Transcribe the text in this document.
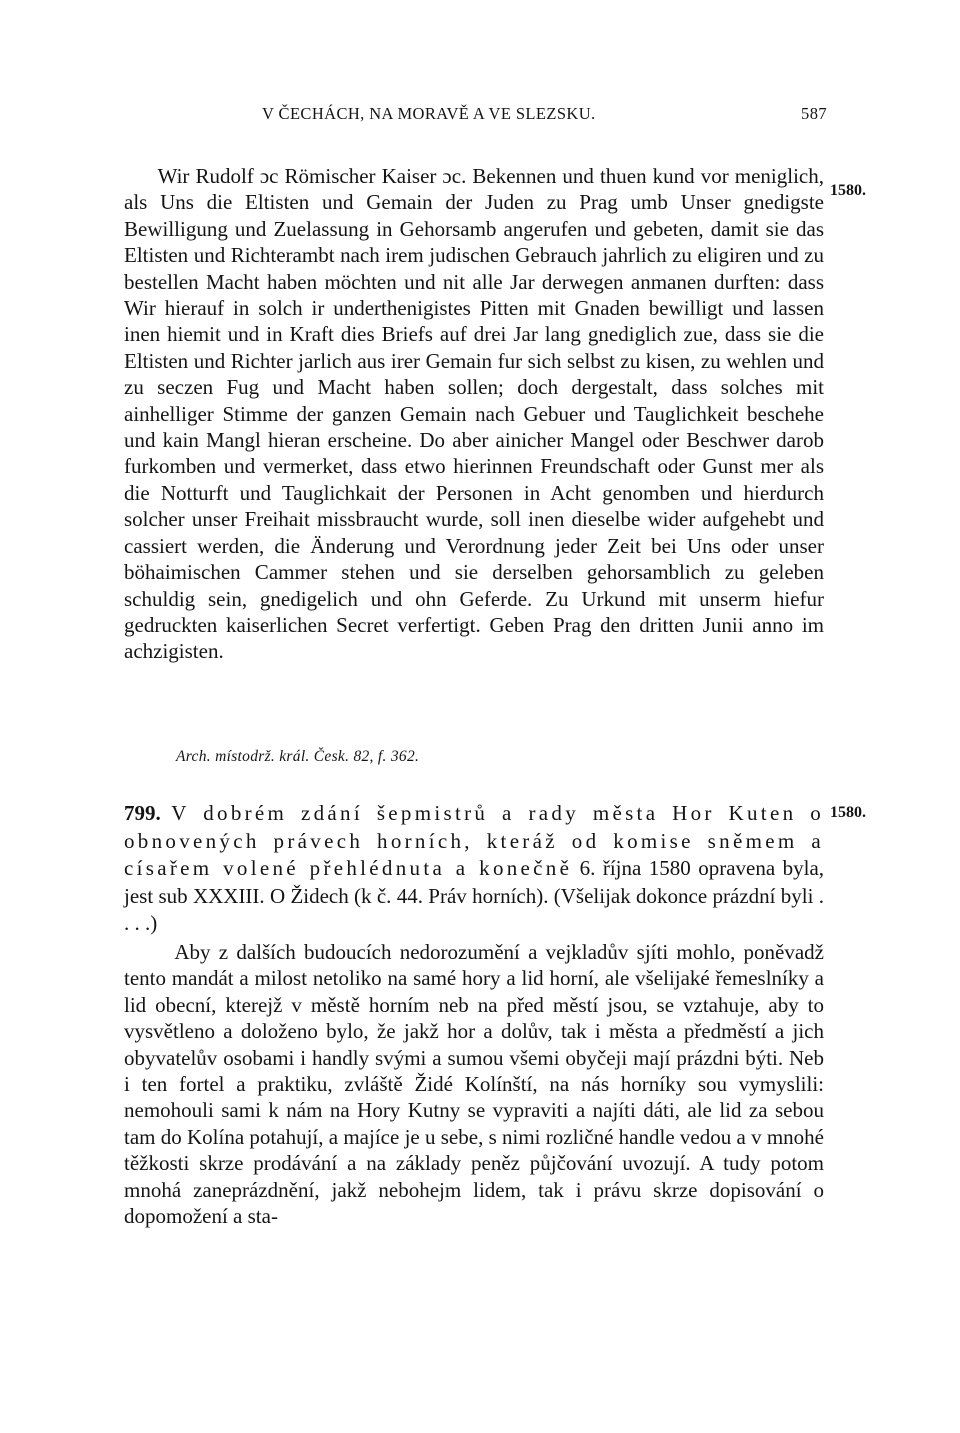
V ČECHÁCH, NA MORAVĚ A VE SLEZSKU.	587
1580.

Wir Rudolf ɔc Römischer Kaiser ɔc. Bekennen und thuen kund vor meniglich, als Uns die Eltisten und Gemain der Juden zu Prag umb Unser gnedigste Bewilligung und Zuelassung in Gehorsamb angerufen und gebeten, damit sie das Eltisten und Richterambt nach irem judischen Gebrauch jahrlich zu eligiren und zu bestellen Macht haben möchten und nit alle Jar derwegen anmanen durften: dass Wir hierauf in solch ir underthenigistes Pitten mit Gnaden bewilligt und lassen inen hiemit und in Kraft dies Briefs auf drei Jar lang gnediglich zue, dass sie die Eltisten und Richter jarlich aus irer Gemain fur sich selbst zu kisen, zu wehlen und zu seczen Fug und Macht haben sollen; doch dergestalt, dass solches mit ainhelliger Stimme der ganzen Gemain nach Gebuer und Tauglichkeit beschehe und kain Mangl hieran erscheine. Do aber ainicher Mangel oder Beschwer darob furkomben und vermerket, dass etwo hierinnen Freundschaft oder Gunst mer als die Notturft und Tauglichkait der Personen in Acht genomben und hierdurch solcher unser Freihait missbraucht wurde, soll inen dieselbe wider aufgehebt und cassiert werden, die Änderung und Verordnung jeder Zeit bei Uns oder unser böhaimischen Cammer stehen und sie derselben gehorsamblich zu geleben schuldig sein, gnedigelich und ohn Geferde. Zu Urkund mit unserm hiefur gedruckten kaiserlichen Secret verfertigt. Geben Prag den dritten Junii anno im achzigisten.

Arch. místodrž. král. Česk. 82, f. 362.
1580.
799. V dobrém zdání šepmistrů a rady města Hor Kuten o obnovených právech horních, kteráž od komise sněmem a císařem volené přehlédnuta a konečně 6. října 1580 opravena byla, jest sub XXXIII. O Židech (k č. 44. Práv horních). (Všelijak dokonce prázdní byli . . . .)

Aby z dalších budoucích nedorozumění a vejkladův sjíti mohlo, poněvadž tento mandát a milost netoliko na samé hory a lid horní, ale všelijaké řemeslníky a lid obecní, kterejž v městě horním neb na před městí jsou, se vztahuje, aby to vysvětleno a doloženo bylo, že jakž hor a dolův, tak i města a předměstí a jich obyvatelův osobami i handly svými a sumou všemi obyčeji mají prázdni býti. Neb i ten fortel a praktiku, zvláště Židé Kolínští, na nás horníky sou vymyslili: nemohouli sami k nám na Hory Kutny se vypraviti a najíti dáti, ale lid za sebou tam do Kolína potahují, a majíce je u sebe, s nimi rozličné handle vedou a v mnohé těžkosti skrze prodávání a na základy peněz půjčování uvozují. A tudy potom mnohá zaneprázdnění, jakž nebohejm lidem, tak i právu skrze dopisování o dopomožení a sta-
